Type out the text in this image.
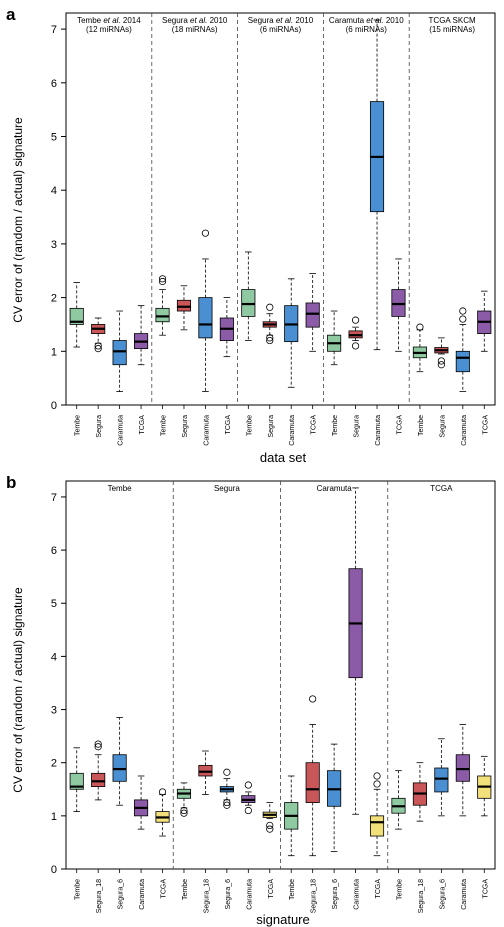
a
CV error of (random / actual) signature
data set
0
1
2
3
4
5
6
7
Tembe et al. 2014
(12 miRNAs)
Segura et al. 2010
(18 miRNAs)
Segura et al. 2010
(6 miRNAs)
Caramuta et al. 2010
(6 miRNAs)
TCGA SKCM
(15 miRNAs)
Tembe Segura Caramuta TCGA Tembe Segura Caramuta TCGA Tembe Segura Caramuta TCGA Tembe Segura Caramuta TCGA Tembe Segura Caramuta TCGA
b
CV error of (random / actual) signature
signature
0
1
2
3
4
5
6
7
Tembe	Segura	Caramuta	TCGA
Tembe Segura_18 Segura_6 Caramuta TCGA Tembe Segura_18 Segura_6 Caramuta TCGA Tembe Segura_18 Segura_6 Caramuta TCGA Tembe Segura_18 Segura_6 Caramuta TCGA
